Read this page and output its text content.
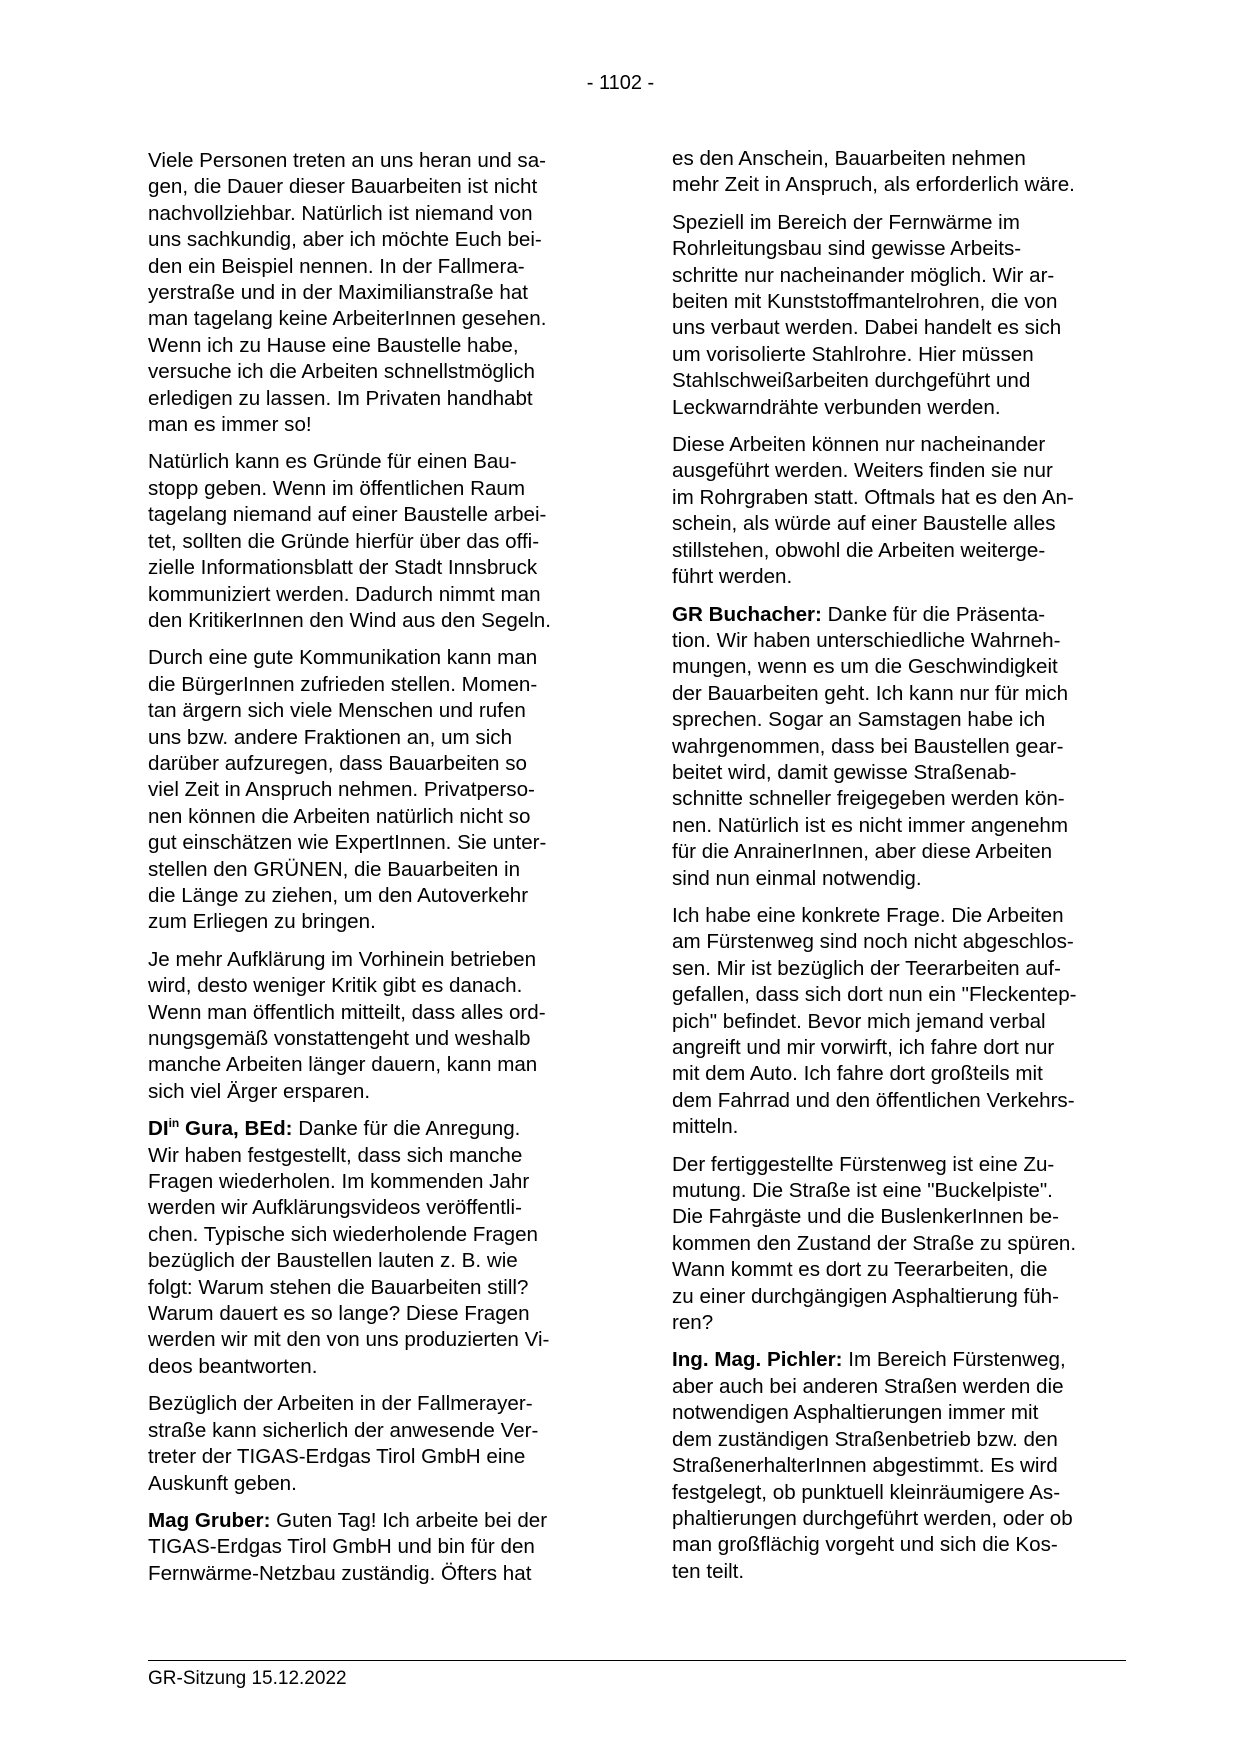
- 1102 -

Viele Personen treten an uns heran und sa-
gen, die Dauer dieser Bauarbeiten ist nicht
nachvollziehbar. Natürlich ist niemand von
uns sachkundig, aber ich möchte Euch bei-
den ein Beispiel nennen. In der Fallmera-
yerstraße und in der Maximilianstraße hat
man tagelang keine ArbeiterInnen gesehen.
Wenn ich zu Hause eine Baustelle habe,
versuche ich die Arbeiten schnellstmöglich
erledigen zu lassen. Im Privaten handhabt
man es immer so!

Natürlich kann es Gründe für einen Bau-
stopp geben. Wenn im öffentlichen Raum
tagelang niemand auf einer Baustelle arbei-
tet, sollten die Gründe hierfür über das offi-
zielle Informationsblatt der Stadt Innsbruck
kommuniziert werden. Dadurch nimmt man
den KritikerInnen den Wind aus den Segeln.

Durch eine gute Kommunikation kann man
die BürgerInnen zufrieden stellen. Momen-
tan ärgern sich viele Menschen und rufen
uns bzw. andere Fraktionen an, um sich
darüber aufzuregen, dass Bauarbeiten so
viel Zeit in Anspruch nehmen. Privatperso-
nen können die Arbeiten natürlich nicht so
gut einschätzen wie ExpertInnen. Sie unter-
stellen den GRÜNEN, die Bauarbeiten in
die Länge zu ziehen, um den Autoverkehr
zum Erliegen zu bringen.

Je mehr Aufklärung im Vorhinein betrieben
wird, desto weniger Kritik gibt es danach.
Wenn man öffentlich mitteilt, dass alles ord-
nungsgemäß vonstattengeht und weshalb
manche Arbeiten länger dauern, kann man
sich viel Ärger ersparen.

$DI^{in}$ Gura, BEd: Danke für die Anregung.
Wir haben festgestellt, dass sich manche
Fragen wiederholen. Im kommenden Jahr
werden wir Aufklärungsvideos veröffentli-
chen. Typische sich wiederholende Fragen
bezüglich der Baustellen lauten z. B. wie
folgt: Warum stehen die Bauarbeiten still?
Warum dauert es so lange? Diese Fragen
werden wir mit den von uns produzierten Vi-
deos beantworten.

Bezüglich der Arbeiten in der Fallmerayer-
straße kann sicherlich der anwesende Ver-
treter der TIGAS-Erdgas Tirol GmbH eine
Auskunft geben.

Mag Gruber: Guten Tag! Ich arbeite bei der
TIGAS-Erdgas Tirol GmbH und bin für den
Fernwärme-Netzbau zuständig. Öfters hat

es den Anschein, Bauarbeiten nehmen
mehr Zeit in Anspruch, als erforderlich wäre.

Speziell im Bereich der Fernwärme im
Rohrleitungsbau sind gewisse Arbeits-
schritte nur nacheinander möglich. Wir ar-
beiten mit Kunststoffmantelrohren, die von
uns verbaut werden. Dabei handelt es sich
um vorisolierte Stahlrohre. Hier müssen
Stahlschweißarbeiten durchgeführt und
Leckwarndrähte verbunden werden.

Diese Arbeiten können nur nacheinander
ausgeführt werden. Weiters finden sie nur
im Rohrgraben statt. Oftmals hat es den An-
schein, als würde auf einer Baustelle alles
stillstehen, obwohl die Arbeiten weiterge-
führt werden.

GR Buchacher: Danke für die Präsenta-
tion. Wir haben unterschiedliche Wahrneh-
mungen, wenn es um die Geschwindigkeit
der Bauarbeiten geht. Ich kann nur für mich
sprechen. Sogar an Samstagen habe ich
wahrgenommen, dass bei Baustellen gear-
beitet wird, damit gewisse Straßenab-
schnitte schneller freigegeben werden kön-
nen. Natürlich ist es nicht immer angenehm
für die AnrainerInnen, aber diese Arbeiten
sind nun einmal notwendig.

Ich habe eine konkrete Frage. Die Arbeiten
am Fürstenweg sind noch nicht abgeschlos-
sen. Mir ist bezüglich der Teerarbeiten auf-
gefallen, dass sich dort nun ein "Fleckentep-
pich" befindet. Bevor mich jemand verbal
angreift und mir vorwirft, ich fahre dort nur
mit dem Auto. Ich fahre dort großteils mit
dem Fahrrad und den öffentlichen Verkehrs-
mitteln.

Der fertiggestellte Fürstenweg ist eine Zu-
mutung. Die Straße ist eine "Buckelpiste".
Die Fahrgäste und die BuslenkerInnen be-
kommen den Zustand der Straße zu spüren.
Wann kommt es dort zu Teerarbeiten, die
zu einer durchgängigen Asphaltierung füh-
ren?

Ing. Mag. Pichler: Im Bereich Fürstenweg,
aber auch bei anderen Straßen werden die
notwendigen Asphaltierungen immer mit
dem zuständigen Straßenbetrieb bzw. den
StraßenerhalterInnen abgestimmt. Es wird
festgelegt, ob punktuell kleinräumigere As-
phaltierungen durchgeführt werden, oder ob
man großflächig vorgeht und sich die Kos-
ten teilt.

GR-Sitzung 15.12.2022
